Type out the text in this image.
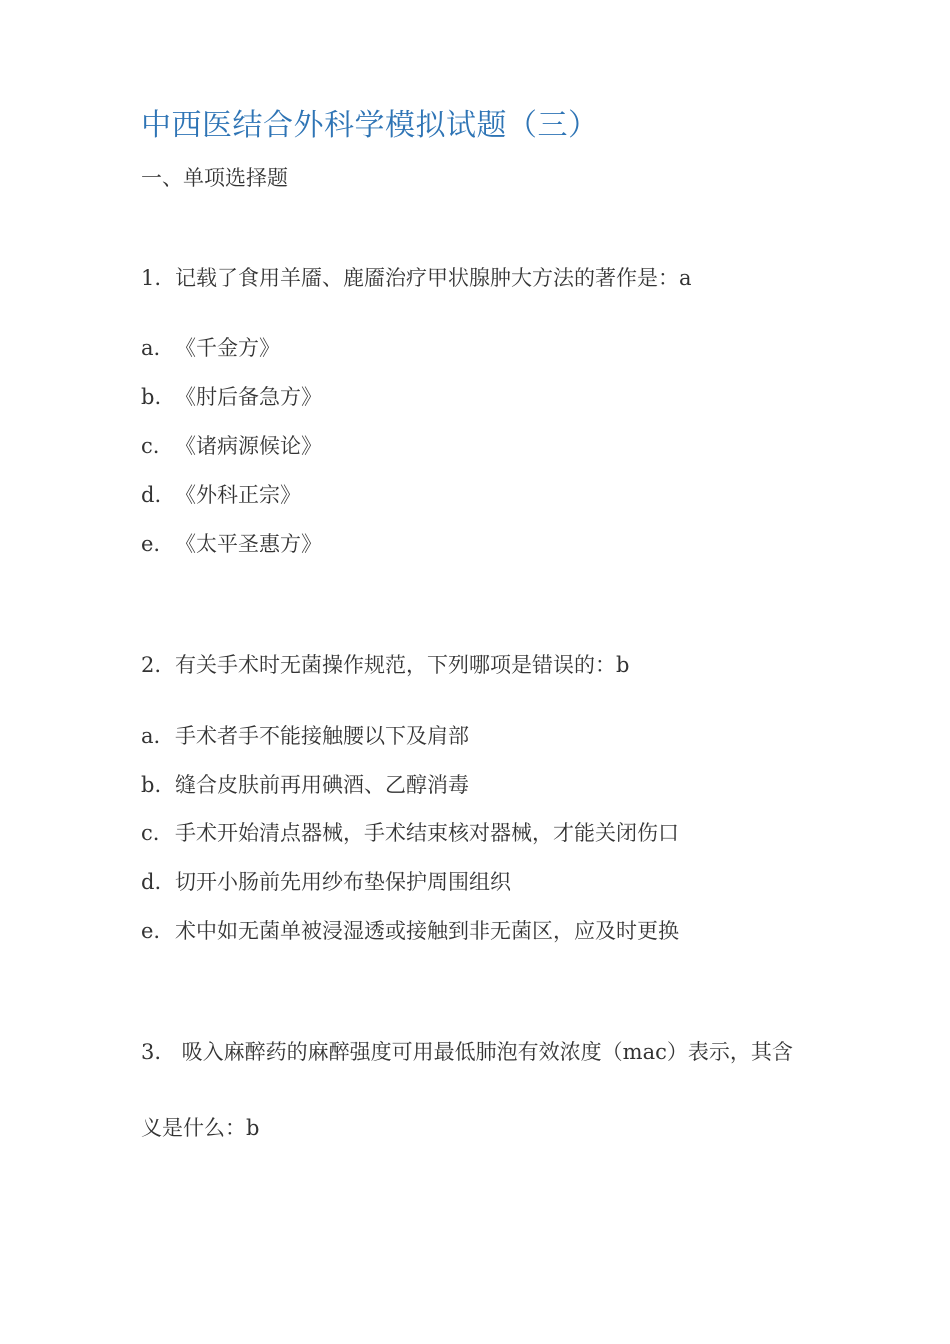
中西医结合外科学模拟试题（三）
一、单项选择题
1. 记载了食用羊靥、鹿靥治疗甲状腺肿大方法的著作是：a
a. 《千金方》
b. 《肘后备急方》
c. 《诸病源候论》
d. 《外科正宗》
e. 《太平圣惠方》
2. 有关手术时无菌操作规范，下列哪项是错误的：b
a. 手术者手不能接触腰以下及肩部
b. 缝合皮肤前再用碘酒、乙醇消毒
c. 手术开始清点器械，手术结束核对器械，才能关闭伤口
d. 切开小肠前先用纱布垫保护周围组织
e. 术中如无菌单被浸湿透或接触到非无菌区，应及时更换
3. 吸入麻醉药的麻醉强度可用最低肺泡有效浓度（mac）表示，其含
义是什么：b
